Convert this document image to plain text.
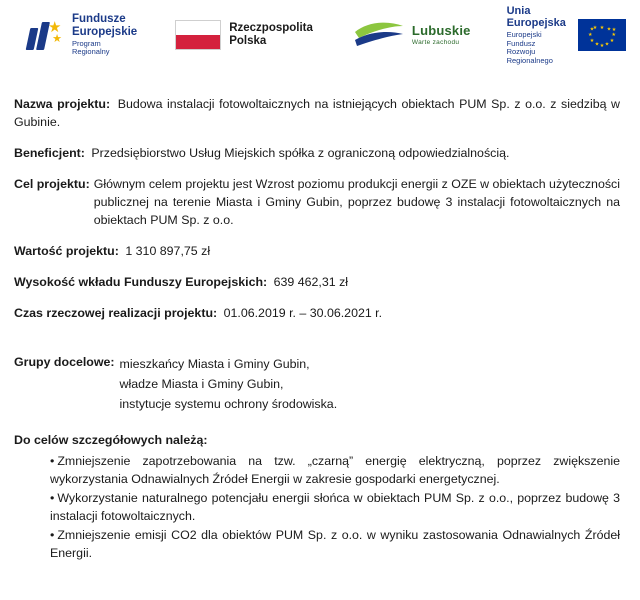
★
★
Fundusze
Europejskie
Program Regionalny
Rzeczpospolita
Polska
Lubuskie
Warte zachodu
Unia Europejska
Europejski Fundusz
Rozwoju Regionalnego
★ ★
★
★
★
★
★
★
★
★
★	★
Nazwa projektu: Budowa instalacji fotowoltaicznych na istniejących obiektach PUM Sp. z o.o. z siedzibą w Gubinie.
Beneficjent: Przedsiębiorstwo Usług Miejskich spółka z ograniczoną odpowiedzialnością.
Cel projektu: Głównym celem projektu jest Wzrost poziomu produkcji energii z OZE w obiektach użyteczności publicznej na terenie Miasta i Gminy Gubin, poprzez budowę 3 instalacji fotowoltaicznych na obiektach PUM Sp. z o.o.
Wartość projektu: 1 310 897,75 zł
Wysokość wkładu Funduszy Europejskich: 639 462,31 zł
Czas rzeczowej realizacji projektu: 01.06.2019 r. – 30.06.2021 r.
Grupy docelowe: mieszkańcy Miasta i Gminy Gubin,
władze Miasta i Gminy Gubin,
instytucje systemu ochrony środowiska.
Do celów szczegółowych należą:
• Zmniejszenie zapotrzebowania na tzw. „czarną” energię elektryczną, poprzez zwiększenie wykorzystania Odnawialnych Źródeł Energii w zakresie gospodarki energetycznej.
• Wykorzystanie naturalnego potencjału energii słońca w obiektach PUM Sp. z o.o., poprzez budowę 3 instalacji fotowoltaicznych.
• Zmniejszenie emisji CO2 dla obiektów PUM Sp. z o.o. w wyniku zastosowania Odnawialnych Źródeł Energii.
